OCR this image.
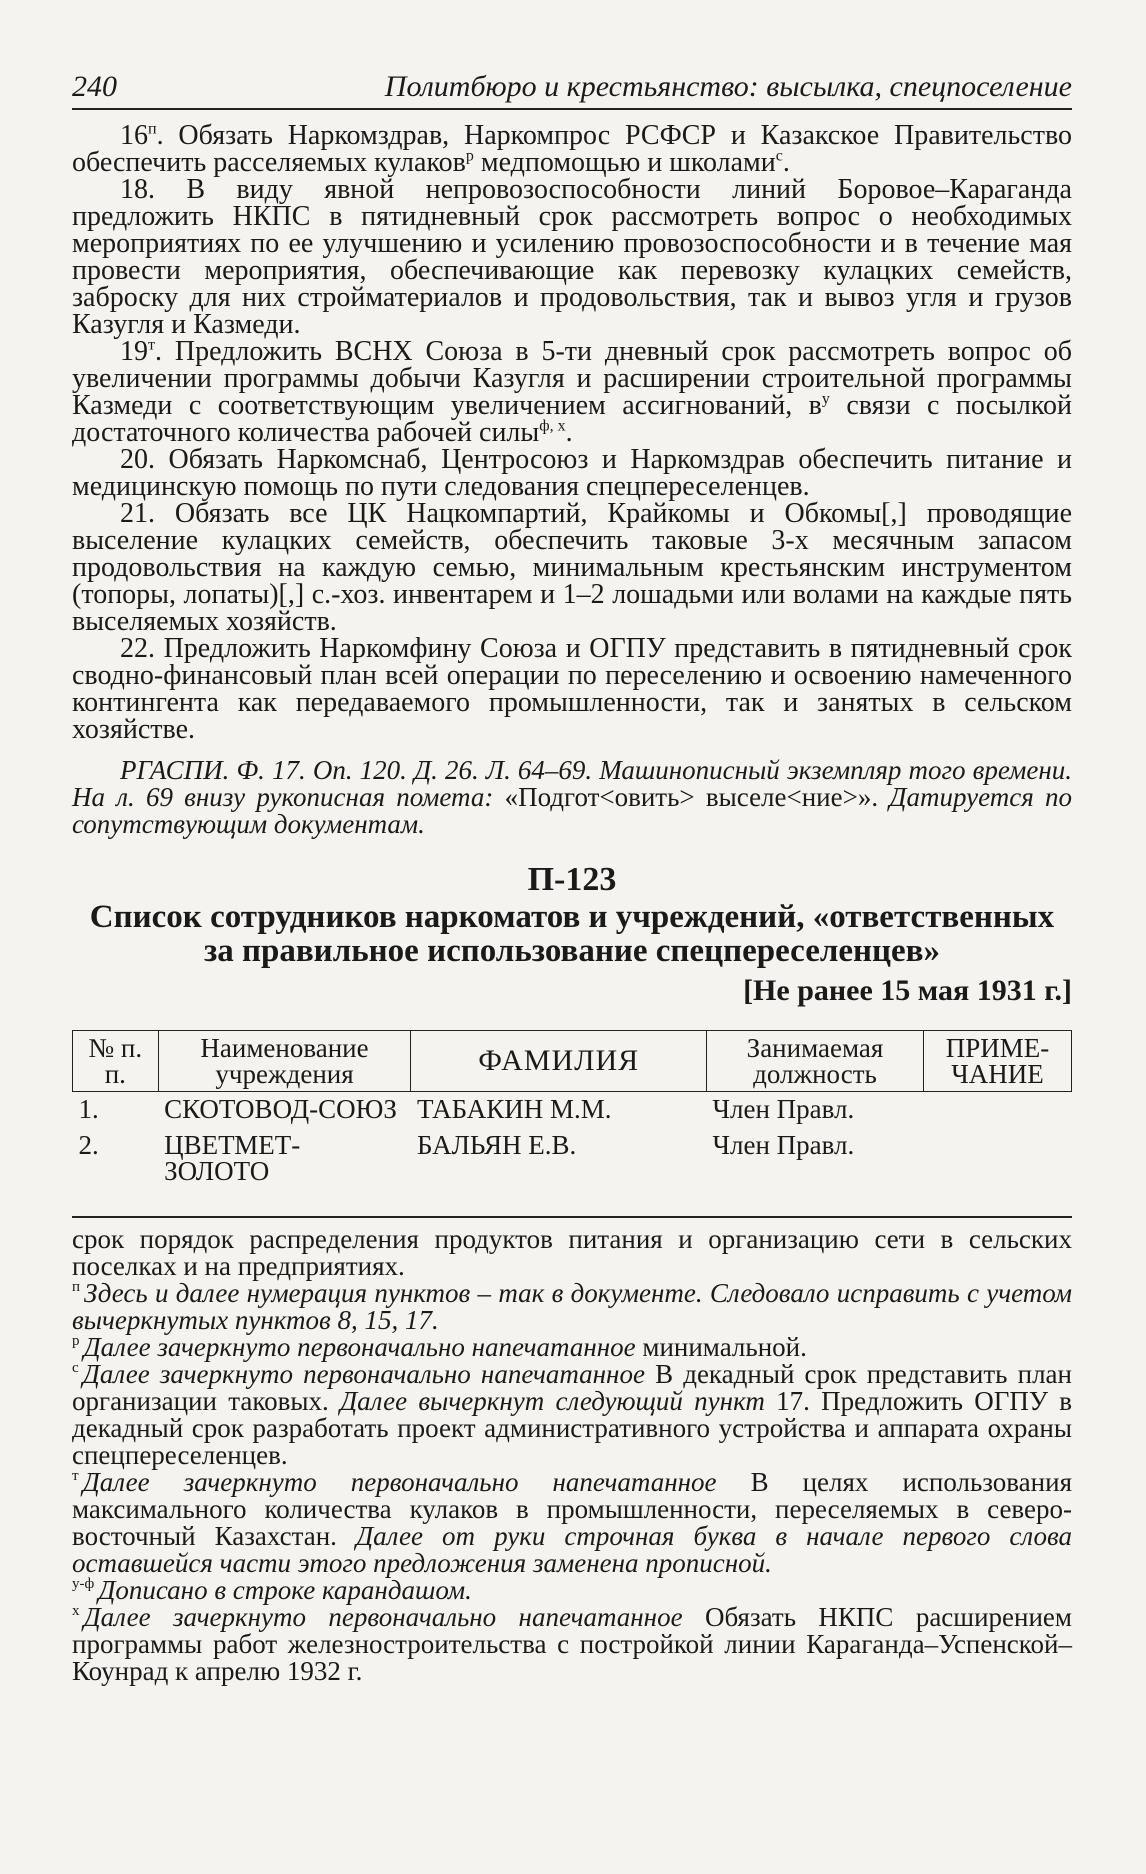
240	Политбюро и крестьянство: высылка, спецпоселение

$16^п$. Обязать Наркомздрав, Наркомпрос РСФСР и Казакское Правительство обеспечить расселяемых кулаков$^р$ медпомощью и школами$^с$.

18. В виду явной непровозоспособности линий Боровое–Караганда предложить НКПС в пятидневный срок рассмотреть вопрос о необходимых мероприятиях по ее улучшению и усилению провозоспособности и в течение мая провести мероприятия, обеспечивающие как перевозку кулацких семейств, заброску для них стройматериалов и продовольствия, так и вывоз угля и грузов Казугля и Казмеди.

$19^т$. Предложить ВСНХ Союза в 5-ти дневный срок рассмотреть вопрос об увеличении программы добычи Казугля и расширении строительной программы Казмеди с соответствующим увеличением ассигнований, $в^у$ связи с посылкой достаточного количества рабочей силы$^{ф, х}$.

20. Обязать Наркомснаб, Центросоюз и Наркомздрав обеспечить питание и медицинскую помощь по пути следования спецпереселенцев.

21. Обязать все ЦК Нацкомпартий, Крайкомы и Обкомы[,] проводящие выселение кулацких семейств, обеспечить таковые 3-х месячным запасом продовольствия на каждую семью, минимальным крестьянским инструментом (топоры, лопаты)[,] с.-хоз. инвентарем и 1–2 лошадьми или волами на каждые пять выселяемых хозяйств.

22. Предложить Наркомфину Союза и ОГПУ представить в пятидневный срок сводно-финансовый план всей операции по переселению и освоению намеченного контингента как передаваемого промышленности, так и занятых в сельском хозяйстве.

РГАСПИ. Ф. 17. Оп. 120. Д. 26. Л. 64–69. Машинописный экземпляр того времени. На л. 69 внизу рукописная помета: «Подгот<овить> выселе<ние>». Датируется по сопутствующим документам.

П-123
Список сотрудников наркоматов и учреждений, «ответственных за правильное использование спецпереселенцев»
[Не ранее 15 мая 1931 г.]
№ п. п.	Наименование учреждения	ФАМИЛИЯ	Занимаемая должность	ПРИМЕ-ЧАНИЕ
1.	СКОТОВОД-СОЮЗ	ТАБАКИН М.М.	Член Правл.	
2.	ЦВЕТМЕТ-ЗОЛОТО	БАЛЬЯН Е.В.	Член Правл.	

срок порядок распределения продуктов питания и организацию сети в сельских поселках и на предприятиях.

$^п$ Здесь и далее нумерация пунктов – так в документе. Следовало исправить с учетом вычеркнутых пунктов 8, 15, 17.

$^р$ Далее зачеркнуто первоначально напечатанное минимальной.

$^с$ Далее зачеркнуто первоначально напечатанное В декадный срок представить план организации таковых. Далее вычеркнут следующий пункт 17. Предложить ОГПУ в декадный срок разработать проект административного устройства и аппарата охраны спецпереселенцев.

$^т$ Далее зачеркнуто первоначально напечатанное В целях использования максимального количества кулаков в промышленности, переселяемых в северо-восточный Казахстан. Далее от руки строчная буква в начале первого слова оставшейся части этого предложения заменена прописной.

$^{у-ф}$ Дописано в строке карандашом.

$^х$ Далее зачеркнуто первоначально напечатанное Обязать НКПС расширением программы работ железностроительства с постройкой линии Караганда–Успенской–Коунрад к апрелю 1932 г.
